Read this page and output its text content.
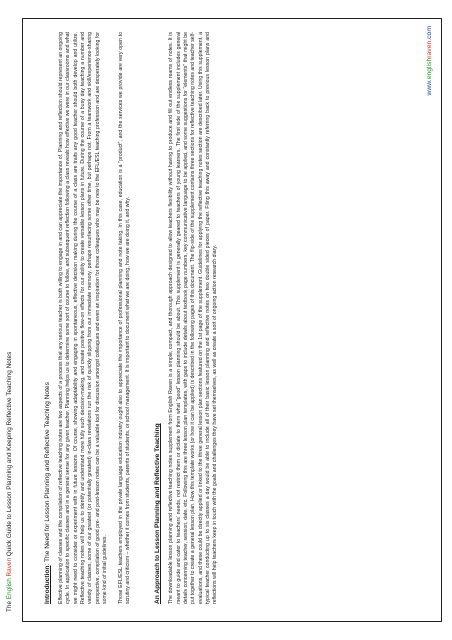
The English Raven Quick Guide to Lesson Planning and Keeping Reflective Teaching Notes

Introduction: The Need for Lesson Planning and Reflective Teaching Notes Effective planning of classes and the compilation of reflective teaching notes are two aspects of a process that any serious teacher is both willing to engage in and can appreciate the importance of. Planning and reflection should represent an ongoing cycle. In application to specific classes and in a general sense for any given teacher. Planning helps us to determine some sort of course to follow, and subsequent reflection following a class reveals how effective we were in our classrooms and what we might need to consider or experiment with in future lessons. Of course, showing adaptability and engaging in spontaneous, effective decision making during the course of a class are traits any good teacher should both develop and utilize. Reflective teaching notes will help us to identify and understand more fully such decision-making, and create positive flow-on effects for our ability to create versatile lesson plans in future. During the course of a busy day teaching a number and variety of classes, some of our greatest (or potentially greatest) in-class revelations run the risk of quickly slipping from our immediate memory, perhaps resurfacing some other time, but perhaps not. From a teamwork and skill/experience-sharing perspective, compilation of good pre- and post-lesson notes can be a valuable tool for discussion amongst colleagues and even an inspiration for those colleagues who may be new to the EFL/ESL teaching profession and are desperately looking for some kind of initial guidelines. Those EFL/ESL teachers employed in the private language education industry ought also to appreciate the importance of professional planning and note taking. In this case, education is a "product", and the services we provide are very open to scrutiny and criticism – whether it comes from students, parents of students, or school management. It is important to document what we are doing, how we are doing it, and why.	An Approach to Lesson Planning and Reflective Teaching The downloadable lesson planning and reflective teaching notes supplement from English Raven is a simple, compact, and thorough approach designed to allow teachers flexibility without having to produce and fill out endless reams of notes. It is meant to guide and cater to teachers' needs, not restrict them or dictate to them what "good" lesson planning should be about. This supplement is generally geared to teachers of young learners. The first side of the supplement includes general details concerning teacher, session, date, etc. Following this are three lesson plan templates, with gaps to include details about textbook page numbers, key communicative language to be applied, and some suggestions for "elements" that might be put together to create a general lesson plan. How this template works (or how it can be applied) is described in the following pages of this document. The flip-side of the supplement contains three sections for reflective teaching notes and teacher self-evaluations, and these could be directly applied or linked to the three general lesson plan sections featured on the 1st page of the supplement. Guidelines for applying the reflective teaching notes section are described later. Using this supplement, a typical teacher conducting up to six classes a day would be able to include all of their basic lesson planning and reflective notes on two double sided pieces of paper. Filing this away and constantly referring back to previous lesson plans and reflections will help teachers keep in touch with the goals and challenges they have set themselves, as well as create a sort of ongoing action research diary.

www.englishraven.com
